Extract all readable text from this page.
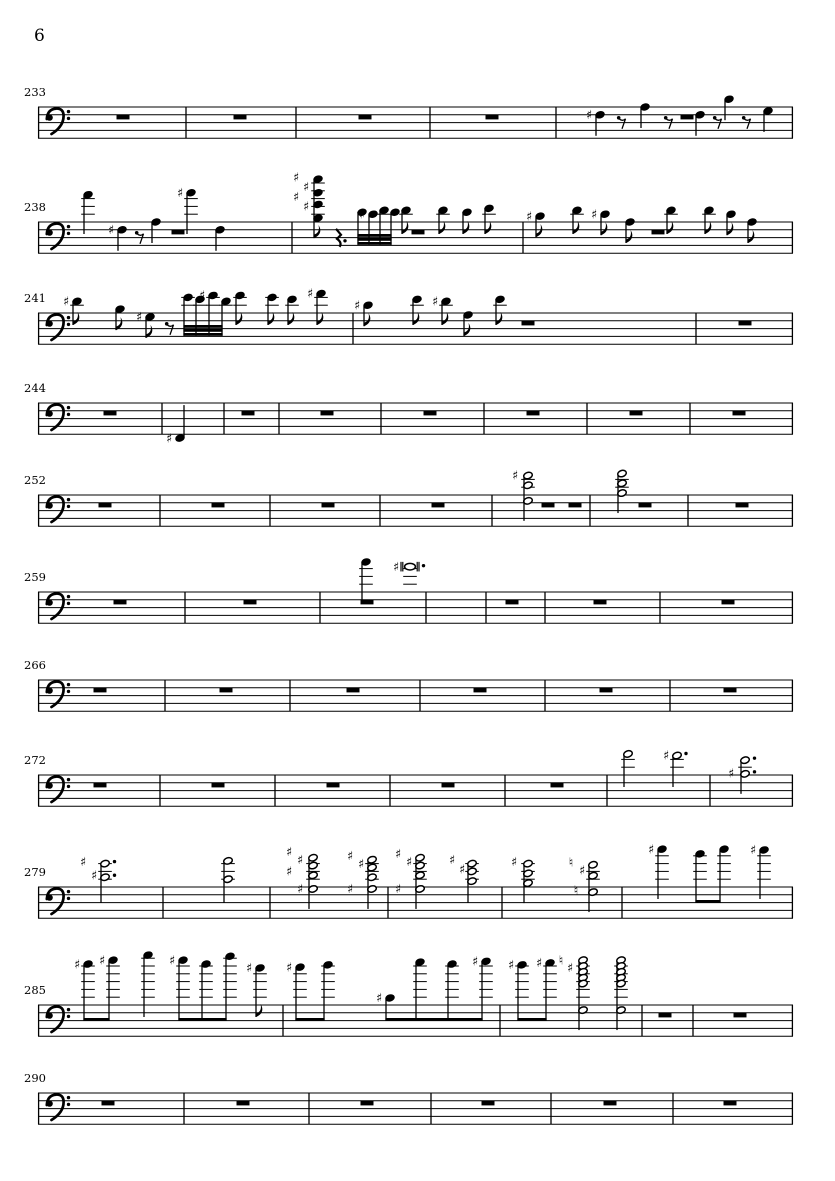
6
233
♯
238
♯
♯
♯
♯
♯
♯
♯	♯	♯
241 ♯
♯
♯	♯
♯	♯
244
♯
252	♯
259
♯
266
272	♯
♯
279
♯
♯
♯
♯
♯
♯
♯
♯
♯
♯
♯
♯
♯
♯
♯	♮
♯
♮
♯	♯
285
♯ ♯	♯
♯	♯
♯
♯ ♯ ♯ ♮
♯
290
